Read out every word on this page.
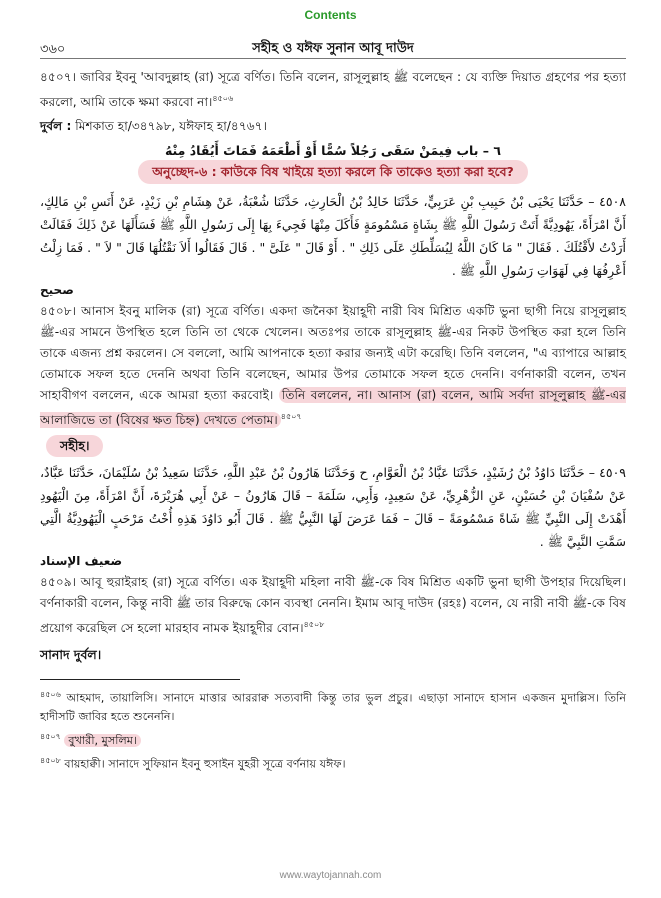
Contents
৩৬০	সহীহ ও যঈফ সুনান আবূ দাউদ

৪৫০৭। জাবির ইবনু 'আবদুল্লাহ (রা) সূত্রে বর্ণিত। তিনি বলেন, রাসূলুল্লাহ ﷺ বলেছেন : যে ব্যক্তি দিয়াত গ্রহণের পর হত্যা করলো, আমি তাকে ক্ষমা করবো না।$^{৪৫০৬}$

দুর্বল : মিশকাত হা/৩৪৭৯৮, যঈফাহ হা/৪৭৬৭।

٦ – باب فِيمَنْ سَقَى رَجُلاً سُمًّا أَوْ أَطْعَمَهُ فَمَاتَ أَيُقَادُ مِنْهُ
অনুচ্ছেদ-৬ : কাউকে বিষ খাইয়ে হত্যা করলে কি তাকেও হত্যা করা হবে?
٤٥٠٨ – حَدَّثَنَا يَحْيَى بْنُ حَبِيبِ بْنِ عَرَبِيٍّ، حَدَّثَنَا خَالِدُ بْنُ الْحَارِثِ، حَدَّثَنَا شُعْبَةُ، عَنْ هِشَامِ بْنِ زَيْدٍ، عَنْ أَنَسِ بْنِ مَالِكٍ، أَنَّ امْرَأَةً، يَهُودِيَّةً أَتَتْ رَسُولَ اللَّهِ ﷺ بِشَاةٍ مَسْمُومَةٍ فَأَكَلَ مِنْهَا فَجِيءَ بِهَا إِلَى رَسُولِ اللَّهِ ﷺ فَسَأَلَهَا عَنْ ذَلِكَ فَقَالَتْ أَرَدْتُ لأَقْتُلَكَ ‏.‏ فَقَالَ ‏"‏ مَا كَانَ اللَّهُ لِيُسَلِّطَكِ عَلَى ذَلِكِ ‏"‏ ‏.‏ أَوْ قَالَ ‏"‏ عَلَىَّ ‏"‏ ‏.‏ قَالَ فَقَالُوا أَلاَ نَقْتُلُهَا قَالَ ‏"‏ لاَ ‏"‏ ‏.‏ فَمَا زِلْتُ أَعْرِفُهَا فِي لَهَوَاتِ رَسُولِ اللَّهِ ﷺ ‏.‏
صحيح

৪৫০৮। আনাস ইবনু মালিক (রা) সূত্রে বর্ণিত। একদা জনৈকা ইয়াহূদী নারী বিষ মিশ্রিত একটি ভুনা ছাগী নিয়ে রাসূলুল্লাহ ﷺ-এর সামনে উপস্থিত হলে তিনি তা থেকে খেলেন। অতঃপর তাকে রাসূলুল্লাহ ﷺ-এর নিকট উপস্থিত করা হলে তিনি তাকে এজন্য প্রশ্ন করলেন। সে বললো, আমি আপনাকে হত্যা করার জন্যই এটা করেছি। তিনি বললেন, "এ ব্যাপারে আল্লাহ তোমাকে সফল হতে দেননি অথবা তিনি বলেছেন, আমার উপর তোমাকে সফল হতে দেননি। বর্ণনাকারী বলেন, তখন সাহাবীগণ বললেন, একে আমরা হত্যা করবোই। তিনি বললেন, না। আনাস (রা) বলেন, আমি সর্বদা রাসূলুল্লাহ ﷺ-এর আলাজিভে তা (বিষের ক্ষত চিহ্ন) দেখতে পেতাম। $^{৪৫০৭}$

সহীহ।
٤٥٠٩ – حَدَّثَنَا دَاوُدُ بْنُ رُشَيْدٍ، حَدَّثَنَا عَبَّادُ بْنُ الْعَوَّامِ، ح وَحَدَّثَنَا هَارُونُ بْنُ عَبْدِ اللَّهِ، حَدَّثَنَا سَعِيدُ بْنُ سُلَيْمَانَ، حَدَّثَنَا عَبَّادٌ، عَنْ سُفْيَانَ بْنِ حُسَيْنٍ، عَنِ الزُّهْرِيِّ، عَنْ سَعِيدٍ، وَأَبِي، سَلَمَةَ – قَالَ هَارُونُ – عَنْ أَبِي هُرَيْرَةَ، أَنَّ امْرَأَةً، مِنَ الْيَهُودِ أَهْدَتْ إِلَى النَّبِيِّ ﷺ شَاةً مَسْمُومَةً – قَالَ – فَمَا عَرَضَ لَهَا النَّبِيُّ ﷺ ‏.‏ قَالَ أَبُو دَاوُدَ هَذِهِ أُخْتُ مَرْحَبٍ الْيَهُودِيَّةُ الَّتِي سَمَّتِ النَّبِيَّ ﷺ ‏.‏
ضعيف الإسناد

৪৫০৯। আবূ হুরাইরাহ (রা) সূত্রে বর্ণিত। এক ইয়াহূদী মহিলা নাবী ﷺ-কে বিষ মিশ্রিত একটি ভুনা ছাগী উপহার দিয়েছিল। বর্ণনাকারী বলেন, কিন্তু নাবী ﷺ তার বিরুদ্ধে কোন ব্যবস্থা নেননি। ইমাম আবূ দাউদ (রহঃ) বলেন, যে নারী নাবী ﷺ-কে বিষ প্রয়োগ করেছিল সে হলো মারহাব নামক ইয়াহূদীর বোন।$^{৪৫০৮}$

সানাদ দুর্বল।

$^{৪৫০৬}$ আহমাদ, তায়ালিসি। সানাদে মাত্তার আররাক্ব সত্যবাদী কিন্তু তার ভুল প্রচুর। এছাড়া সানাদে হাসান একজন মুদাল্লিস। তিনি হাদীসটি জাবির হতে শুনেননি।

$^{৪৫০৭}$ বুখারী, মুসলিম।

$^{৪৫০৮}$ বায়হাক্বী। সানাদে সুফিয়ান ইবনু হুসাইন যুহরী সূত্রে বর্ণনায় যঈফ।

www.waytojannah.com
